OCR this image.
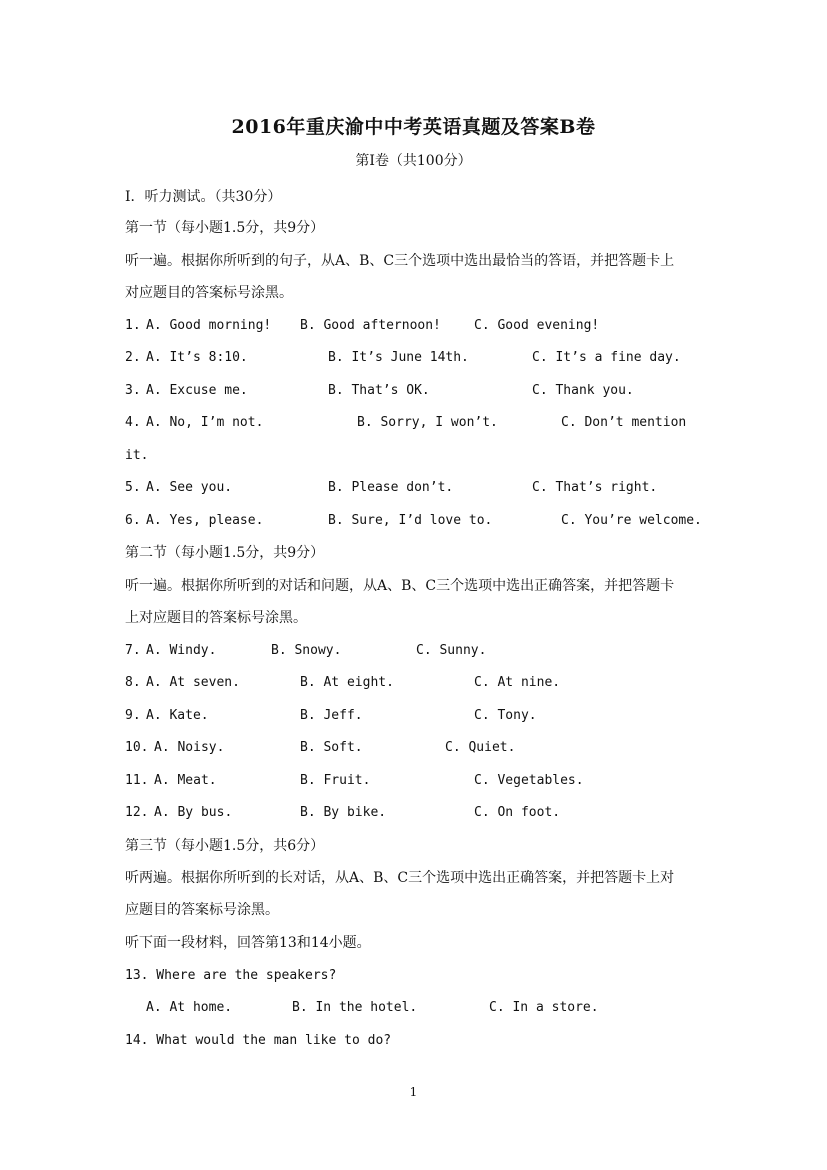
2016年重庆渝中中考英语真题及答案B卷
第I卷（共100分）
I．听力测试。（共30分）
第一节（每小题1.5分，共9分）
听一遍。根据你所听到的句子，从A、B、C三个选项中选出最恰当的答语，并把答题卡上
对应题目的答案标号涂黑。
1. A. Good morning! B. Good afternoon!	C. Good evening!
2. A. It’s 8:10.	B. It’s June 14th.	C. It’s a fine day.
3. A. Excuse me.	B. That’s OK.	C. Thank you.
4. A. No, I’m not.	B. Sorry, I won’t.	C. Don’t mention
it.
5. A. See you.	B. Please don’t.	C. That’s right.
6. A. Yes, please.	B. Sure, I’d love to.	C. You’re welcome.
第二节（每小题1.5分，共9分）
听一遍。根据你所听到的对话和问题，从A、B、C三个选项中选出正确答案，并把答题卡
上对应题目的答案标号涂黑。
7. A. Windy.	B. Snowy.	C. Sunny.
8. A. At seven.	B. At eight.	C. At nine.
9. A. Kate.	B. Jeff.	C. Tony.
10. A. Noisy.	B. Soft.	C. Quiet.
11. A. Meat.	B. Fruit.	C. Vegetables.
12. A. By bus.	B. By bike.	C. On foot.
第三节（每小题1.5分，共6分）
听两遍。根据你所听到的长对话，从A、B、C三个选项中选出正确答案，并把答题卡上对
应题目的答案标号涂黑。
听下面一段材料，回答第13和14小题。
13. Where are the speakers?
A. At home.	B. In the hotel.	C. In a store.
14. What would the man like to do?
1
